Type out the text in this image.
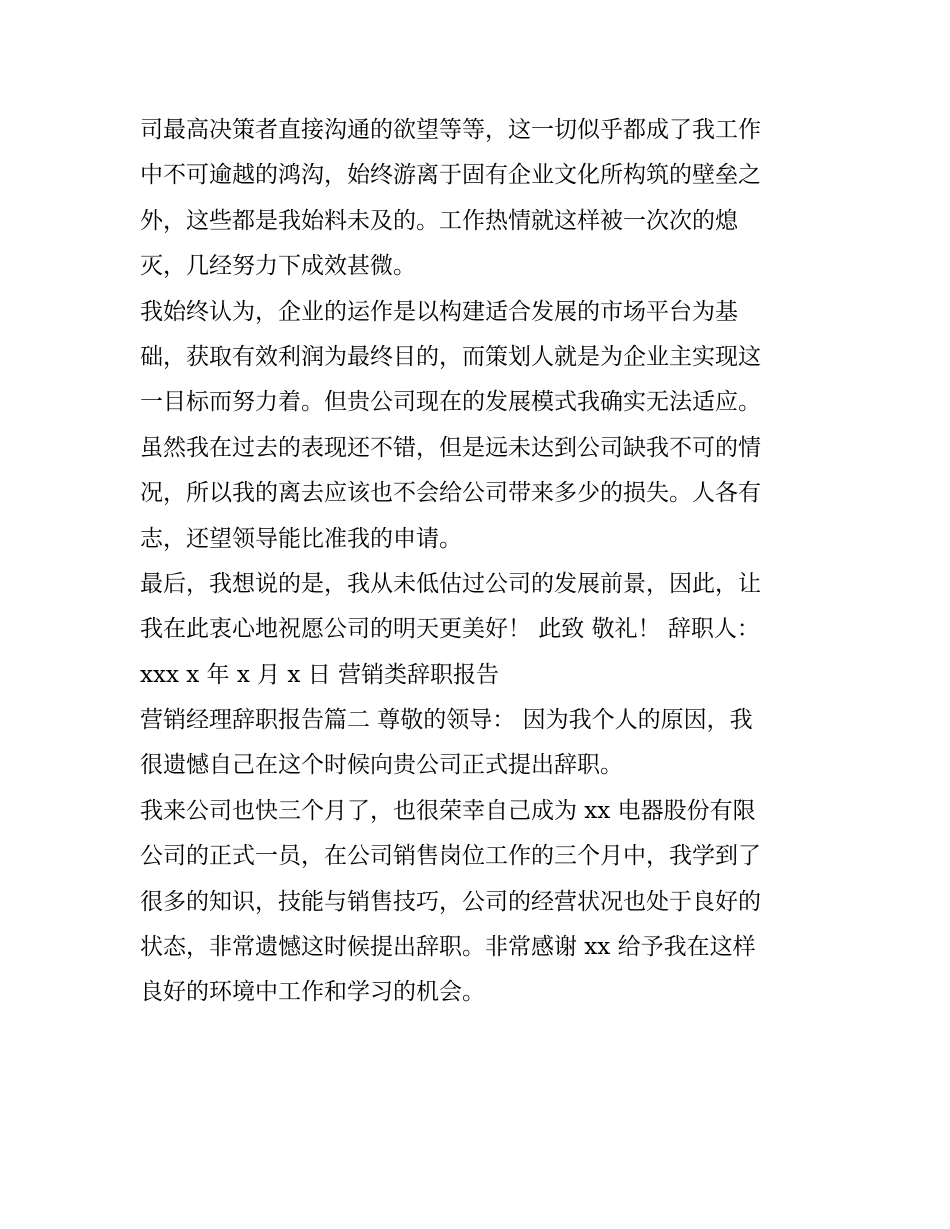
司最高决策者直接沟通的欲望等等，这一切似乎都成了我工作
中不可逾越的鸿沟，始终游离于固有企业文化所构筑的壁垒之
外，这些都是我始料未及的。工作热情就这样被一次次的熄
灭，几经努力下成效甚微。
我始终认为，企业的运作是以构建适合发展的市场平台为基
础，获取有效利润为最终目的，而策划人就是为企业主实现这
一目标而努力着。但贵公司现在的发展模式我确实无法适应。
虽然我在过去的表现还不错，但是远未达到公司缺我不可的情
况，所以我的离去应该也不会给公司带来多少的损失。人各有
志，还望领导能比准我的申请。
最后，我想说的是，我从未低估过公司的发展前景，因此，让
我在此衷心地祝愿公司的明天更美好！ 此致 敬礼！ 辞职人：
xxx x 年 x 月 x 日 营销类辞职报告
营销经理辞职报告篇二 尊敬的领导： 因为我个人的原因，我
很遗憾自己在这个时候向贵公司正式提出辞职。
我来公司也快三个月了，也很荣幸自己成为 xx 电器股份有限
公司的正式一员，在公司销售岗位工作的三个月中，我学到了
很多的知识，技能与销售技巧，公司的经营状况也处于良好的
状态，非常遗憾这时候提出辞职。非常感谢 xx 给予我在这样
良好的环境中工作和学习的机会。
